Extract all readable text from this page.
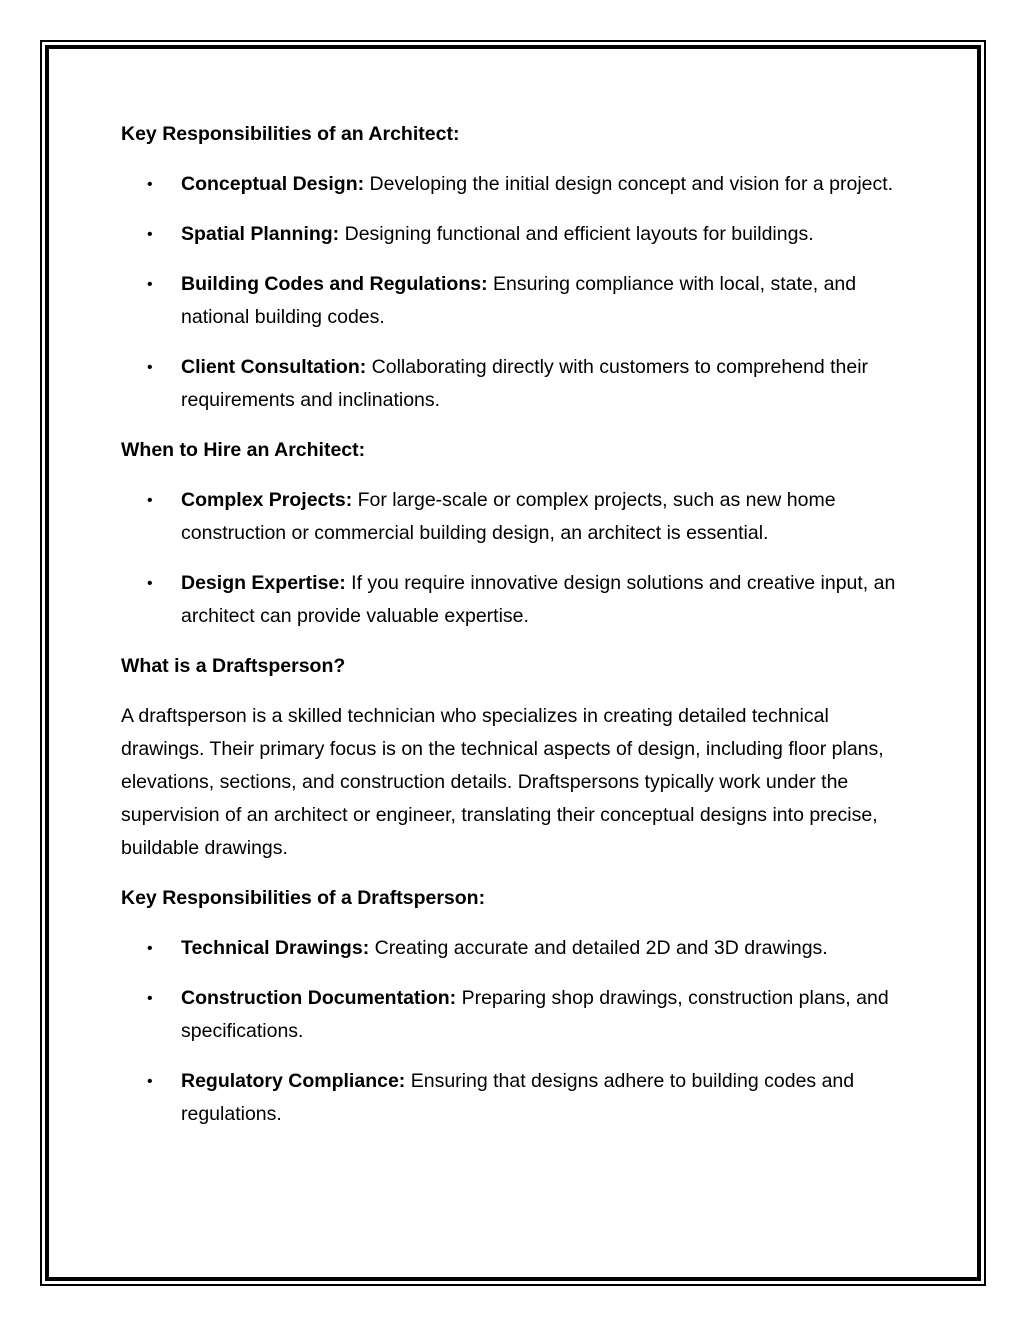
Key Responsibilities of an Architect:

• Conceptual Design: Developing the initial design concept and vision for a project.
• Spatial Planning: Designing functional and efficient layouts for buildings.
• Building Codes and Regulations: Ensuring compliance with local, state, and national building codes.
• Client Consultation: Collaborating directly with customers to comprehend their requirements and inclinations.

When to Hire an Architect:

• Complex Projects: For large-scale or complex projects, such as new home construction or commercial building design, an architect is essential.
• Design Expertise: If you require innovative design solutions and creative input, an architect can provide valuable expertise.

What is a Draftsperson?

A draftsperson is a skilled technician who specializes in creating detailed technical drawings. Their primary focus is on the technical aspects of design, including floor plans, elevations, sections, and construction details. Draftspersons typically work under the supervision of an architect or engineer, translating their conceptual designs into precise, buildable drawings.

Key Responsibilities of a Draftsperson:

• Technical Drawings: Creating accurate and detailed 2D and 3D drawings.
• Construction Documentation: Preparing shop drawings, construction plans, and specifications.
• Regulatory Compliance: Ensuring that designs adhere to building codes and regulations.
